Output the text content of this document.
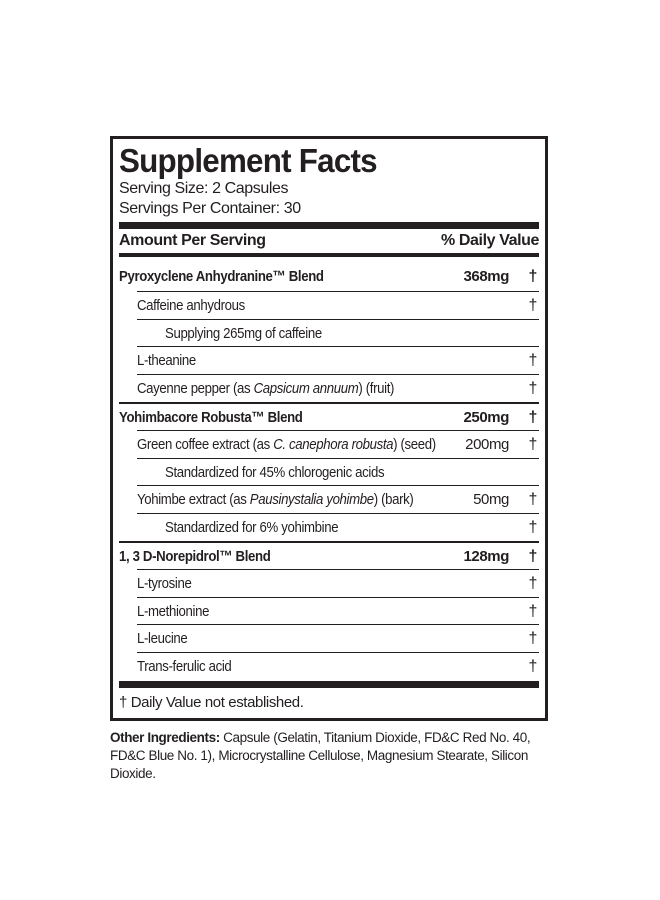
Supplement Facts
Serving Size: 2 Capsules
Servings Per Container: 30
Amount Per Serving	% Daily Value
Pyroxyclene Anhydranine™ Blend	368mg †
Caffeine anhydrous	†
Supplying 265mg of caffeine
L-theanine	†
Cayenne pepper (as Capsicum annuum) (fruit)	†
Yohimbacore Robusta™ Blend	250mg †
Green coffee extract (as C. canephora robusta) (seed) 200mg †
Standardized for 45% chlorogenic acids
Yohimbe extract (as Pausinystalia yohimbe) (bark)	50mg †
Standardized for 6% yohimbine	†
1, 3 D-Norepidrol™ Blend	128mg †
L-tyrosine	†
L-methionine	†
L-leucine	†
Trans-ferulic acid	†
† Daily Value not established.
Other Ingredients: Capsule (Gelatin, Titanium Dioxide, FD&C Red No. 40, FD&C Blue No. 1), Microcrystalline Cellulose, Magnesium Stearate, Silicon Dioxide.
